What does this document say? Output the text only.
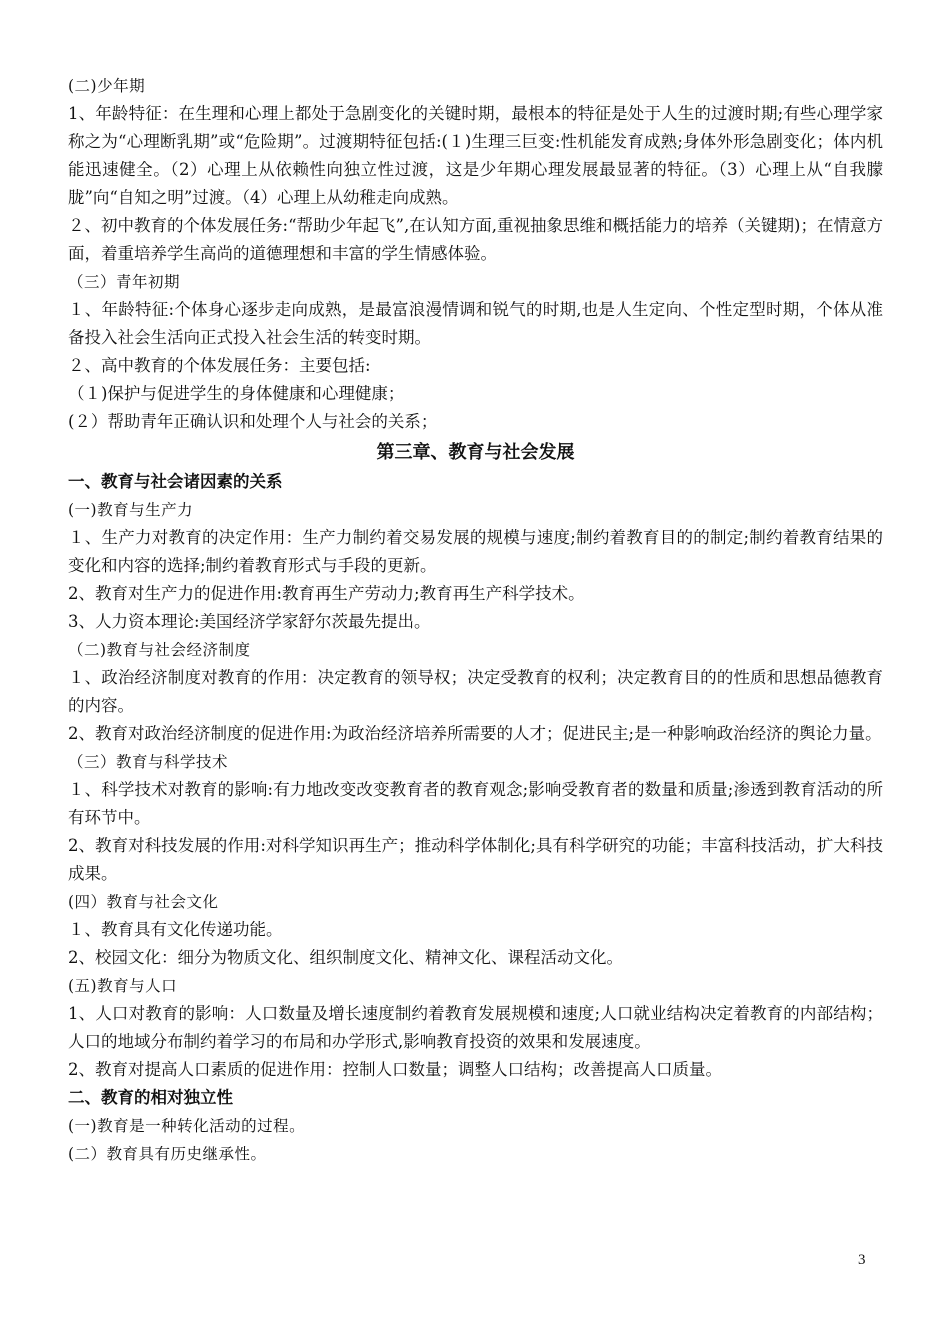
(二)少年期

1、年龄特征：在生理和心理上都处于急剧变化的关键时期，最根本的特征是处于人生的过渡时期;有些心理学家称之为“心理断乳期”或“危险期”。过渡期特征包括:(１)生理三巨变:性机能发育成熟;身体外形急剧变化；体内机能迅速健全。（2）心理上从依赖性向独立性过渡，这是少年期心理发展最显著的特征。（3）心理上从“自我朦胧”向“自知之明”过渡。（4）心理上从幼稚走向成熟。

２、初中教育的个体发展任务:“帮助少年起飞”,在认知方面,重视抽象思维和概括能力的培养（关键期)；在情意方面，着重培养学生高尚的道德理想和丰富的学生情感体验。

（三）青年初期

１、年龄特征:个体身心逐步走向成熟，是最富浪漫情调和锐气的时期,也是人生定向、个性定型时期，个体从准备投入社会生活向正式投入社会生活的转变时期。

２、高中教育的个体发展任务：主要包括:

（１)保护与促进学生的身体健康和心理健康；

(２）帮助青年正确认识和处理个人与社会的关系；

第三章、教育与社会发展

一、教育与社会诸因素的关系

(一)教育与生产力

１、生产力对教育的决定作用：生产力制约着交易发展的规模与速度;制约着教育目的的制定;制约着教育结果的变化和内容的选择;制约着教育形式与手段的更新。

2、教育对生产力的促进作用:教育再生产劳动力;教育再生产科学技术。

3、人力资本理论:美国经济学家舒尔茨最先提出。

（二)教育与社会经济制度

１、政治经济制度对教育的作用：决定教育的领导权；决定受教育的权利；决定教育目的的性质和思想品德教育的内容。

2、教育对政治经济制度的促进作用:为政治经济培养所需要的人才；促进民主;是一种影响政治经济的舆论力量。

（三）教育与科学技术

１、科学技术对教育的影响:有力地改变改变教育者的教育观念;影响受教育者的数量和质量;渗透到教育活动的所有环节中。

2、教育对科技发展的作用:对科学知识再生产；推动科学体制化;具有科学研究的功能；丰富科技活动，扩大科技成果。

(四）教育与社会文化

１、教育具有文化传递功能。

2、校园文化：细分为物质文化、组织制度文化、精神文化、课程活动文化。

(五)教育与人口

1、人口对教育的影响：人口数量及增长速度制约着教育发展规模和速度;人口就业结构决定着教育的内部结构；人口的地域分布制约着学习的布局和办学形式,影响教育投资的效果和发展速度。

2、教育对提高人口素质的促进作用：控制人口数量；调整人口结构；改善提高人口质量。

二、教育的相对独立性

(一)教育是一种转化活动的过程。

(二）教育具有历史继承性。

3
